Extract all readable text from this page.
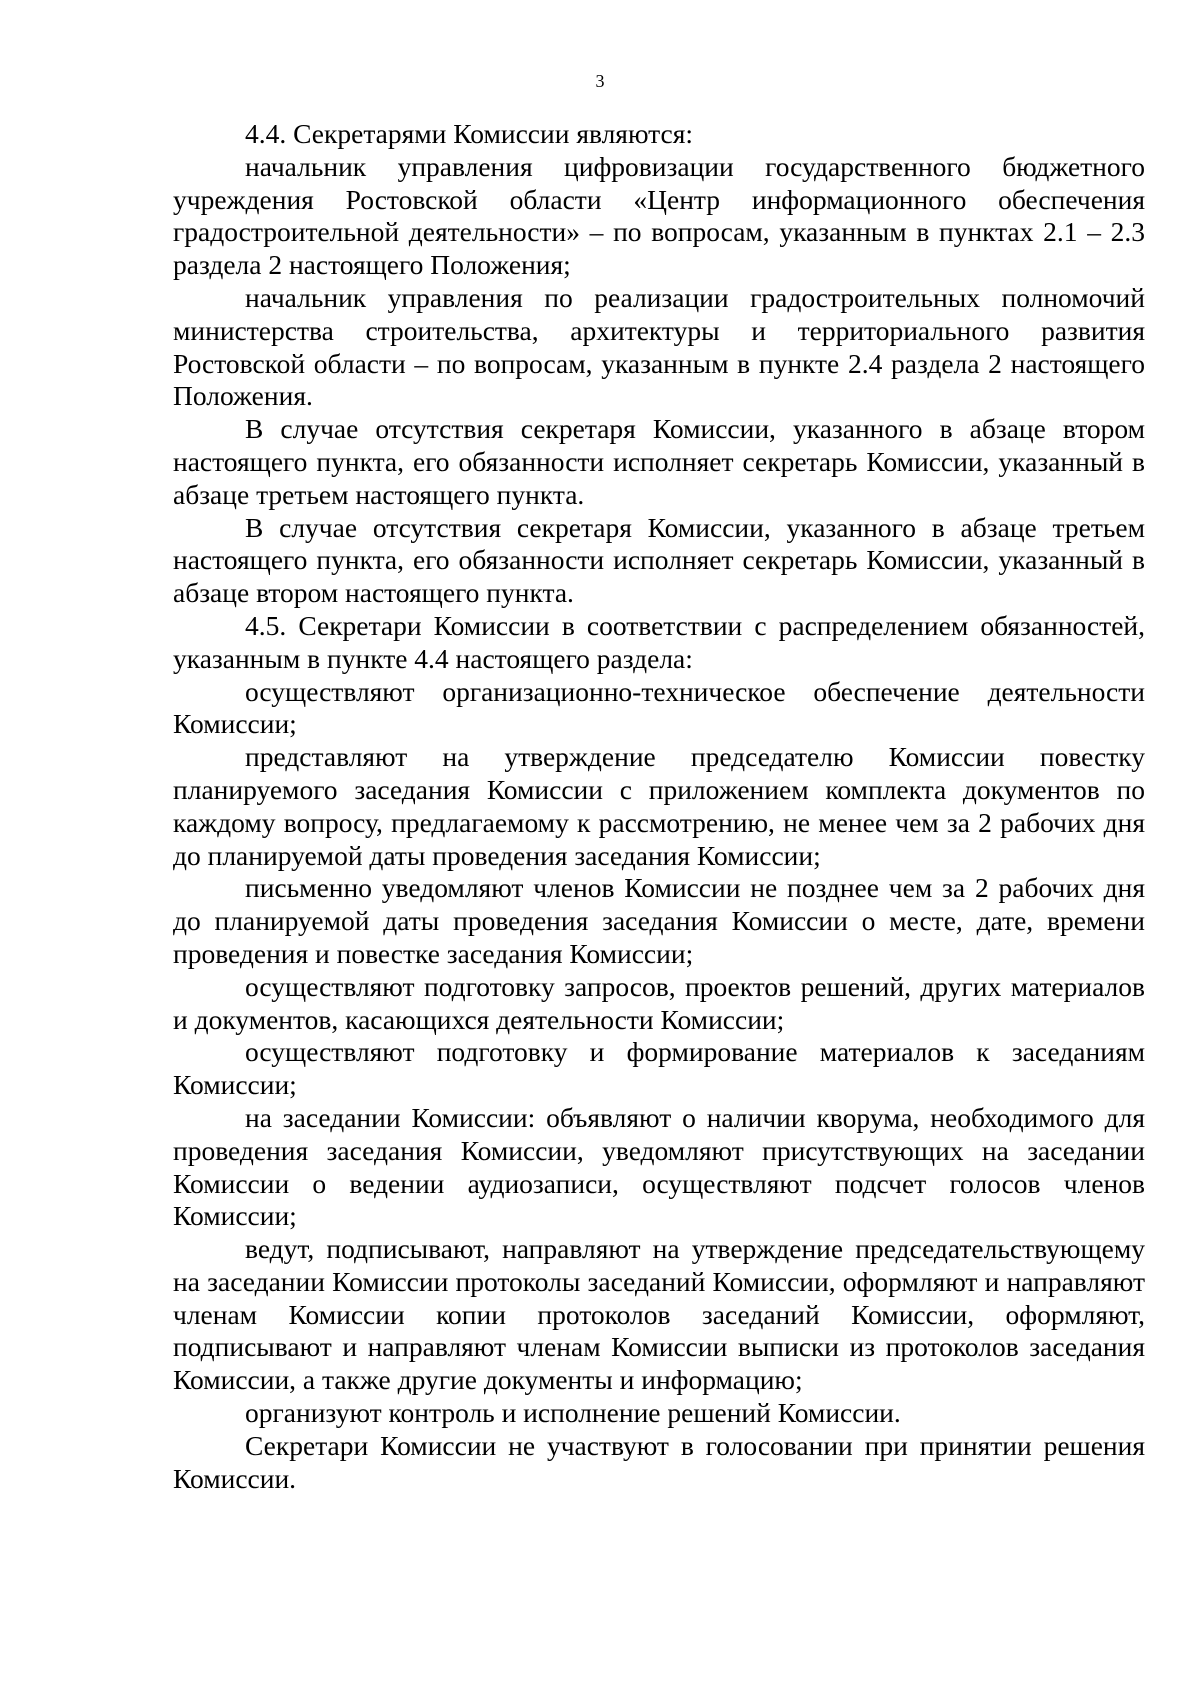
3

4.4. Секретарями Комиссии являются:

начальник управления цифровизации государственного бюджетного учреждения Ростовской области «Центр информационного обеспечения градостроительной деятельности» – по вопросам, указанным в пунктах 2.1 – 2.3 раздела 2 настоящего Положения;

начальник управления по реализации градостроительных полномочий министерства строительства, архитектуры и территориального развития Ростовской области – по вопросам, указанным в пункте 2.4 раздела 2 настоящего Положения.

В случае отсутствия секретаря Комиссии, указанного в абзаце втором настоящего пункта, его обязанности исполняет секретарь Комиссии, указанный в абзаце третьем настоящего пункта.

В случае отсутствия секретаря Комиссии, указанного в абзаце третьем настоящего пункта, его обязанности исполняет секретарь Комиссии, указанный в абзаце втором настоящего пункта.

4.5. Секретари Комиссии в соответствии с распределением обязанностей, указанным в пункте 4.4 настоящего раздела:

осуществляют организационно-техническое обеспечение деятельности Комиссии;

представляют на утверждение председателю Комиссии повестку планируемого заседания Комиссии с приложением комплекта документов по каждому вопросу, предлагаемому к рассмотрению, не менее чем за 2 рабочих дня до планируемой даты проведения заседания Комиссии;

письменно уведомляют членов Комиссии не позднее чем за 2 рабочих дня до планируемой даты проведения заседания Комиссии о месте, дате, времени проведения и повестке заседания Комиссии;

осуществляют подготовку запросов, проектов решений, других материалов и документов, касающихся деятельности Комиссии;

осуществляют подготовку и формирование материалов к заседаниям Комиссии;

на заседании Комиссии: объявляют о наличии кворума, необходимого для проведения заседания Комиссии, уведомляют присутствующих на заседании Комиссии о ведении аудиозаписи, осуществляют подсчет голосов членов Комиссии;

ведут, подписывают, направляют на утверждение председательствующему на заседании Комиссии протоколы заседаний Комиссии, оформляют и направляют членам Комиссии копии протоколов заседаний Комиссии, оформляют, подписывают и направляют членам Комиссии выписки из протоколов заседания Комиссии, а также другие документы и информацию;

организуют контроль и исполнение решений Комиссии.

Секретари Комиссии не участвуют в голосовании при принятии решения Комиссии.
